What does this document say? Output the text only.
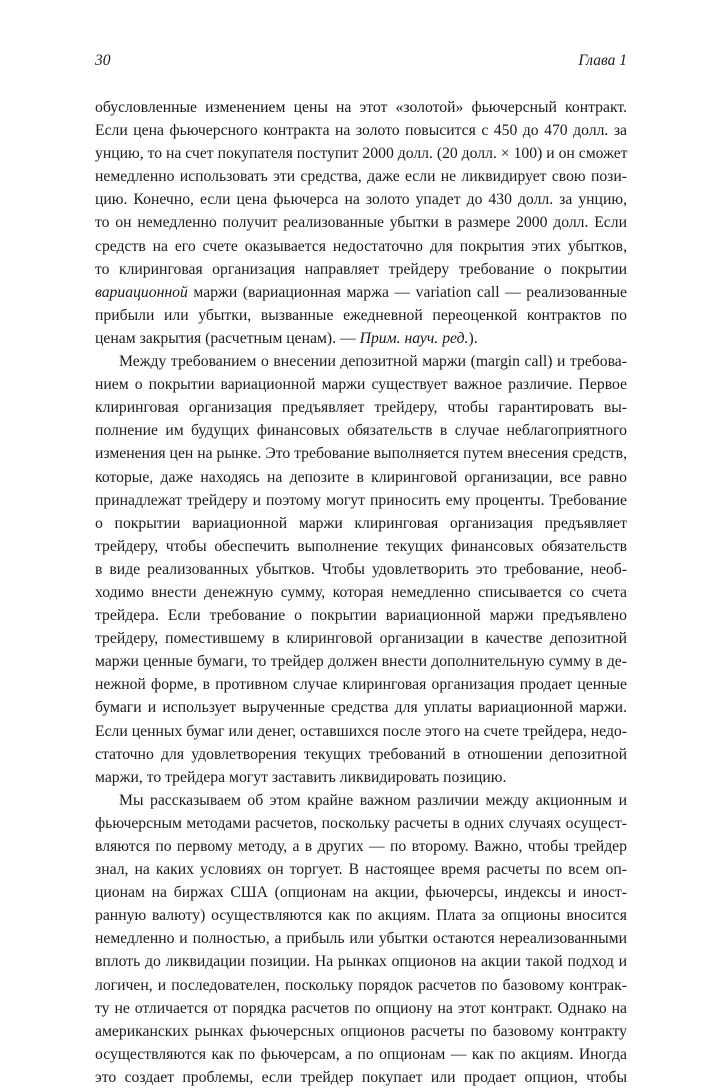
30	Глава 1

обусловленные изменением цены на этот «золотой» фьючерсный контракт.
Если цена фьючерсного контракта на золото повысится с 450 до 470 долл. за
унцию, то на счет покупателя поступит 2000 долл. (20 долл. × 100) и он сможет
немедленно использовать эти средства, даже если не ликвидирует свою пози-
цию. Конечно, если цена фьючерса на золото упадет до 430 долл. за унцию,
то он немедленно получит реализованные убытки в размере 2000 долл. Если
средств на его счете оказывается недостаточно для покрытия этих убытков,
то клиринговая организация направляет трейдеру требование о покрытии
вариационной маржи (вариационная маржа — variation call — реализованные
прибыли или убытки, вызванные ежедневной переоценкой контрактов по
ценам закрытия (расчетным ценам). — Прим. науч. ред.).

Между требованием о внесении депозитной маржи (margin call) и требова-
нием о покрытии вариационной маржи существует важное различие. Первое
клиринговая организация предъявляет трейдеру, чтобы гарантировать вы-
полнение им будущих финансовых обязательств в случае неблагоприятного
изменения цен на рынке. Это требование выполняется путем внесения средств,
которые, даже находясь на депозите в клиринговой организации, все равно
принадлежат трейдеру и поэтому могут приносить ему проценты. Требование
о покрытии вариационной маржи клиринговая организация предъявляет
трейдеру, чтобы обеспечить выполнение текущих финансовых обязательств
в виде реализованных убытков. Чтобы удовлетворить это требование, необ-
ходимо внести денежную сумму, которая немедленно списывается со счета
трейдера. Если требование о покрытии вариационной маржи предъявлено
трейдеру, поместившему в клиринговой организации в качестве депозитной
маржи ценные бумаги, то трейдер должен внести дополнительную сумму в де-
нежной форме, в противном случае клиринговая организация продает ценные
бумаги и использует вырученные средства для уплаты вариационной маржи.
Если ценных бумаг или денег, оставшихся после этого на счете трейдера, недо-
статочно для удовлетворения текущих требований в отношении депозитной
маржи, то трейдера могут заставить ликвидировать позицию.

Мы рассказываем об этом крайне важном различии между акционным и
фьючерсным методами расчетов, поскольку расчеты в одних случаях осущест-
вляются по первому методу, а в других — по второму. Важно, чтобы трейдер
знал, на каких условиях он торгует. В настоящее время расчеты по всем оп-
ционам на биржах США (опционам на акции, фьючерсы, индексы и иност-
ранную валюту) осуществляются как по акциям. Плата за опционы вносится
немедленно и полностью, а прибыль или убытки остаются нереализованными
вплоть до ликвидации позиции. На рынках опционов на акции такой подход и
логичен, и последователен, поскольку порядок расчетов по базовому контрак-
ту не отличается от порядка расчетов по опциону на этот контракт. Однако на
американских рынках фьючерсных опционов расчеты по базовому контракту
осуществляются как по фьючерсам, а по опционам — как по акциям. Иногда
это создает проблемы, если трейдер покупает или продает опцион, чтобы
